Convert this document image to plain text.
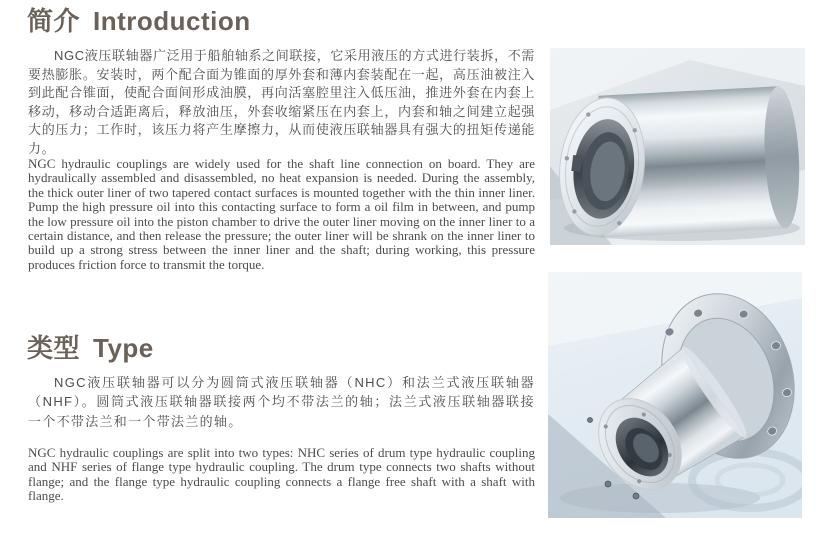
简介 Introduction

NGC液压联轴器广泛用于船舶轴系之间联接，它采用液压的方式进行装拆，不需要热膨胀。安装时，两个配合面为锥面的厚外套和薄内套装配在一起，高压油被注入到此配合锥面，使配合面间形成油膜，再向活塞腔里注入低压油，推进外套在内套上移动，移动合适距离后，释放油压，外套收缩紧压在内套上，内套和轴之间建立起强大的压力；工作时，该压力将产生摩擦力，从而使液压联轴器具有强大的扭矩传递能力。

NGC hydraulic couplings are widely used for the shaft line connection on board. They are hydraulically assembled and disassembled, no heat expansion is needed. During the assembly, the thick outer liner of two tapered contact surfaces is mounted together with the thin inner liner. Pump the high pressure oil into this contacting surface to form a oil film in between, and pump the low pressure oil into the piston chamber to drive the outer liner moving on the inner liner to a certain distance, and then release the pressure; the outer liner will be shrank on the inner liner to build up a strong stress between the inner liner and the shaft; during working, this pressure produces friction force to transmit the torque.

类型 Type

NGC液压联轴器可以分为圆筒式液压联轴器（NHC）和法兰式液压联轴器（NHF）。圆筒式液压联轴器联接两个均不带法兰的轴；法兰式液压联轴器联接一个不带法兰和一个带法兰的轴。

NGC hydraulic couplings are split into two types: NHC series of drum type hydraulic coupling and NHF series of flange type hydraulic coupling. The drum type connects two shafts without flange; and the flange type hydraulic coupling connects a flange free shaft with a shaft with flange.
